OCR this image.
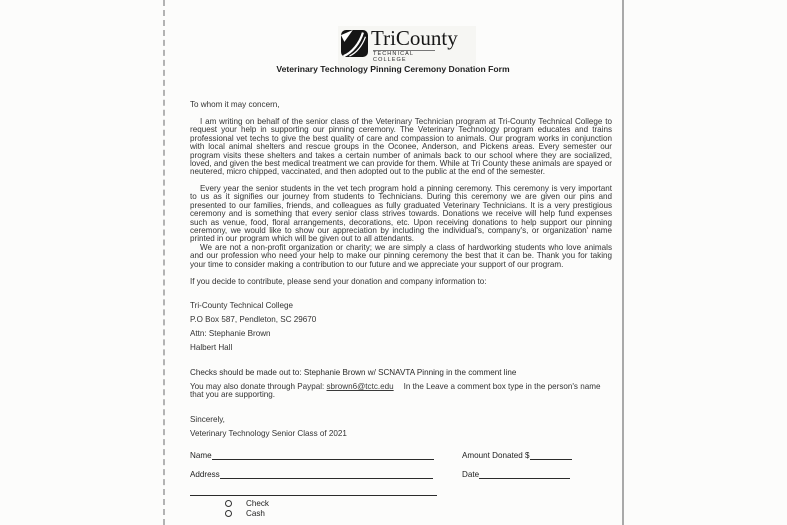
TriCounty
TECHNICAL COLLEGE
Veterinary Technology Pinning Ceremony Donation Form
To whom it may concern,
I am writing on behalf of the senior class of the Veterinary Technician program at Tri-County Technical College to request your help in supporting our pinning ceremony. The Veterinary Technology program educates and trains professional vet techs to give the best quality of care and compassion to animals. Our program works in conjunction with local animal shelters and rescue groups in the Oconee, Anderson, and Pickens areas. Every semester our program visits these shelters and takes a certain number of animals back to our school where they are socialized, loved, and given the best medical treatment we can provide for them. While at Tri County these animals are spayed or neutered, micro chipped, vaccinated, and then adopted out to the public at the end of the semester.
Every year the senior students in the vet tech program hold a pinning ceremony. This ceremony is very important to us as it signifies our journey from students to Technicians. During this ceremony we are given our pins and presented to our families, friends, and colleagues as fully graduated Veterinary Technicians. It is a very prestigious ceremony and is something that every senior class strives towards. Donations we receive will help fund expenses such as venue, food, floral arrangements, decorations, etc. Upon receiving donations to help support our pinning ceremony, we would like to show our appreciation by including the individual's, company's, or organization' name printed in our program which will be given out to all attendants.
We are not a non-profit organization or charity; we are simply a class of hardworking students who love animals and our profession who need your help to make our pinning ceremony the best that it can be. Thank you for taking your time to consider making a contribution to our future and we appreciate your support of our program.
If you decide to contribute, please send your donation and company information to:
Tri-County Technical College
P.O Box 587, Pendleton, SC 29670
Attn: Stephanie Brown
Halbert Hall
Checks should be made out to: Stephanie Brown w/ SCNAVTA Pinning in the comment line
You may also donate through Paypal: sbrown6@tctc.edu In the Leave a comment box type in the person's name that you are supporting.
Sincerely,
Veterinary Technology Senior Class of 2021
Name	Amount Donated $
Address	Date
Check
Cash
